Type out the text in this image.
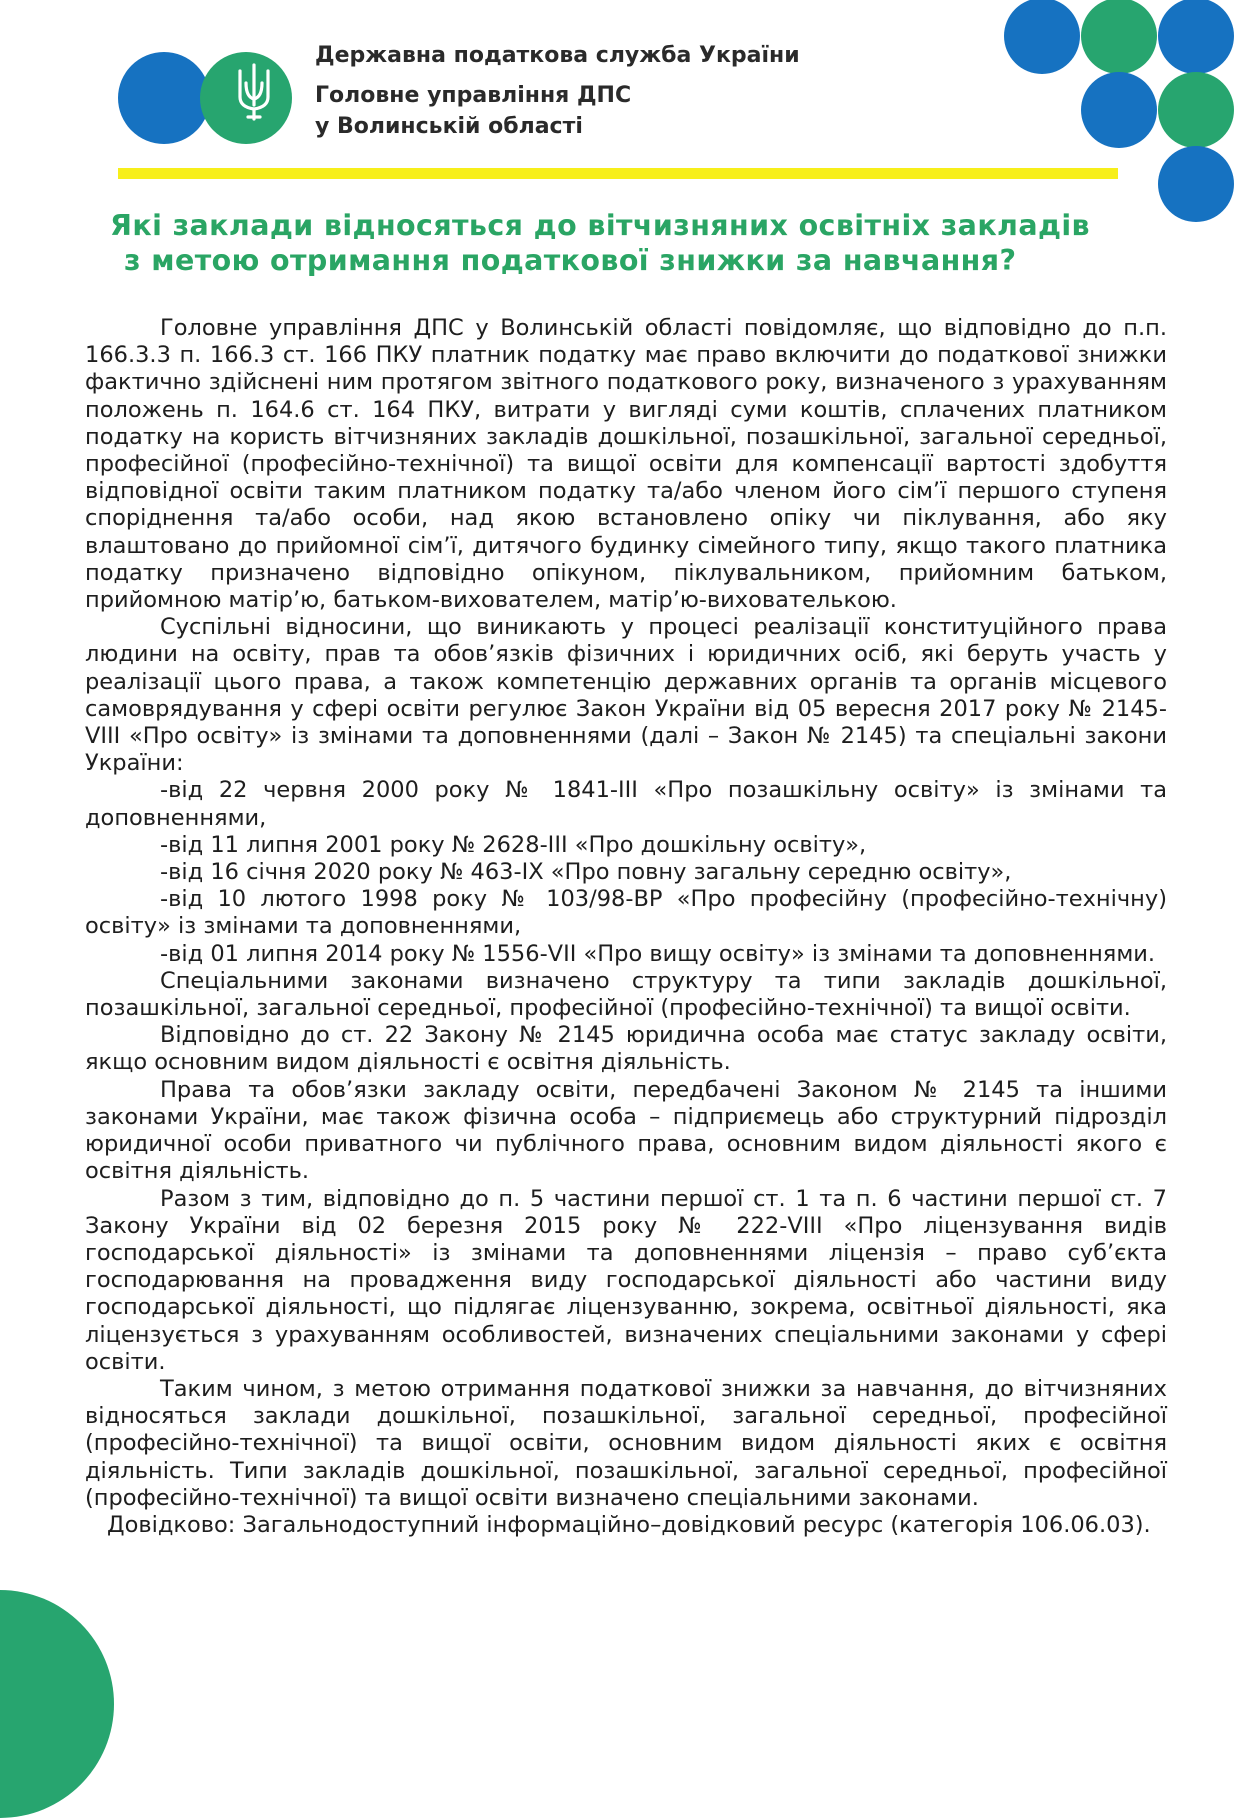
Державна податкова служба України
Головне управління ДПС
у Волинській області
Які заклади відносяться до вітчизняних освітніх закладів
з метою отримання податкової знижки за навчання?

Головне управління ДПС у Волинській області повідомляє, що відповідно до п.п. 166.3.3 п. 166.3 ст. 166 ПКУ платник податку має право включити до податкової знижки фактично здійснені ним протягом звітного податкового року, визначеного з урахуванням положень п. 164.6 ст. 164 ПКУ, витрати у вигляді суми коштів, сплачених платником податку на користь вітчизняних закладів дошкільної, позашкільної, загальної середньої, професійної (професійно-технічної) та вищої освіти для компенсації вартості здобуття відповідної освіти таким платником податку та/або членом його сім’ї першого ступеня споріднення та/або особи, над якою встановлено опіку чи піклування, або яку влаштовано до прийомної сім’ї, дитячого будинку сімейного типу, якщо такого платника податку призначено відповідно опікуном, піклувальником, прийомним батьком, прийомною матір’ю, батьком-вихователем, матір’ю-вихователькою.

Суспільні відносини, що виникають у процесі реалізації конституційного права людини на освіту, прав та обов’язків фізичних і юридичних осіб, які беруть участь у реалізації цього права, а також компетенцію державних органів та органів місцевого самоврядування у сфері освіти регулює Закон України від 05 вересня 2017 року № 2145-VIII «Про освіту» із змінами та доповненнями (далі – Закон № 2145) та спеціальні закони України:

-від 22 червня 2000 року № 1841-III «Про позашкільну освіту» із змінами та доповненнями,

-від 11 липня 2001 року № 2628-III «Про дошкільну освіту»,

-від 16 січня 2020 року № 463-IX «Про повну загальну середню освіту»,

-від 10 лютого 1998 року № 103/98-ВР «Про професійну (професійно-технічну) освіту» із змінами та доповненнями,

-від 01 липня 2014 року № 1556-VII «Про вищу освіту» із змінами та доповненнями.

Спеціальними законами визначено структуру та типи закладів дошкільної, позашкільної, загальної середньої, професійної (професійно-технічної) та вищої освіти.

Відповідно до ст. 22 Закону № 2145 юридична особа має статус закладу освіти, якщо основним видом діяльності є освітня діяльність.

Права та обов’язки закладу освіти, передбачені Законом № 2145 та іншими законами України, має також фізична особа – підприємець або структурний підрозділ юридичної особи приватного чи публічного права, основним видом діяльності якого є освітня діяльність.

Разом з тим, відповідно до п. 5 частини першої ст. 1 та п. 6 частини першої ст. 7 Закону України від 02 березня 2015 року № 222-VIII «Про ліцензування видів господарської діяльності» із змінами та доповненнями ліцензія – право суб’єкта господарювання на провадження виду господарської діяльності або частини виду господарської діяльності, що підлягає ліцензуванню, зокрема, освітньої діяльності, яка ліцензується з урахуванням особливостей, визначених спеціальними законами у сфері освіти.

Таким чином, з метою отримання податкової знижки за навчання, до вітчизняних відносяться заклади дошкільної, позашкільної, загальної середньої, професійної (професійно-технічної) та вищої освіти, основним видом діяльності яких є освітня діяльність. Типи закладів дошкільної, позашкільної, загальної середньої, професійної (професійно-технічної) та вищої освіти визначено спеціальними законами.

Довідково: Загальнодоступний інформаційно–довідковий ресурс (категорія 106.06.03).
